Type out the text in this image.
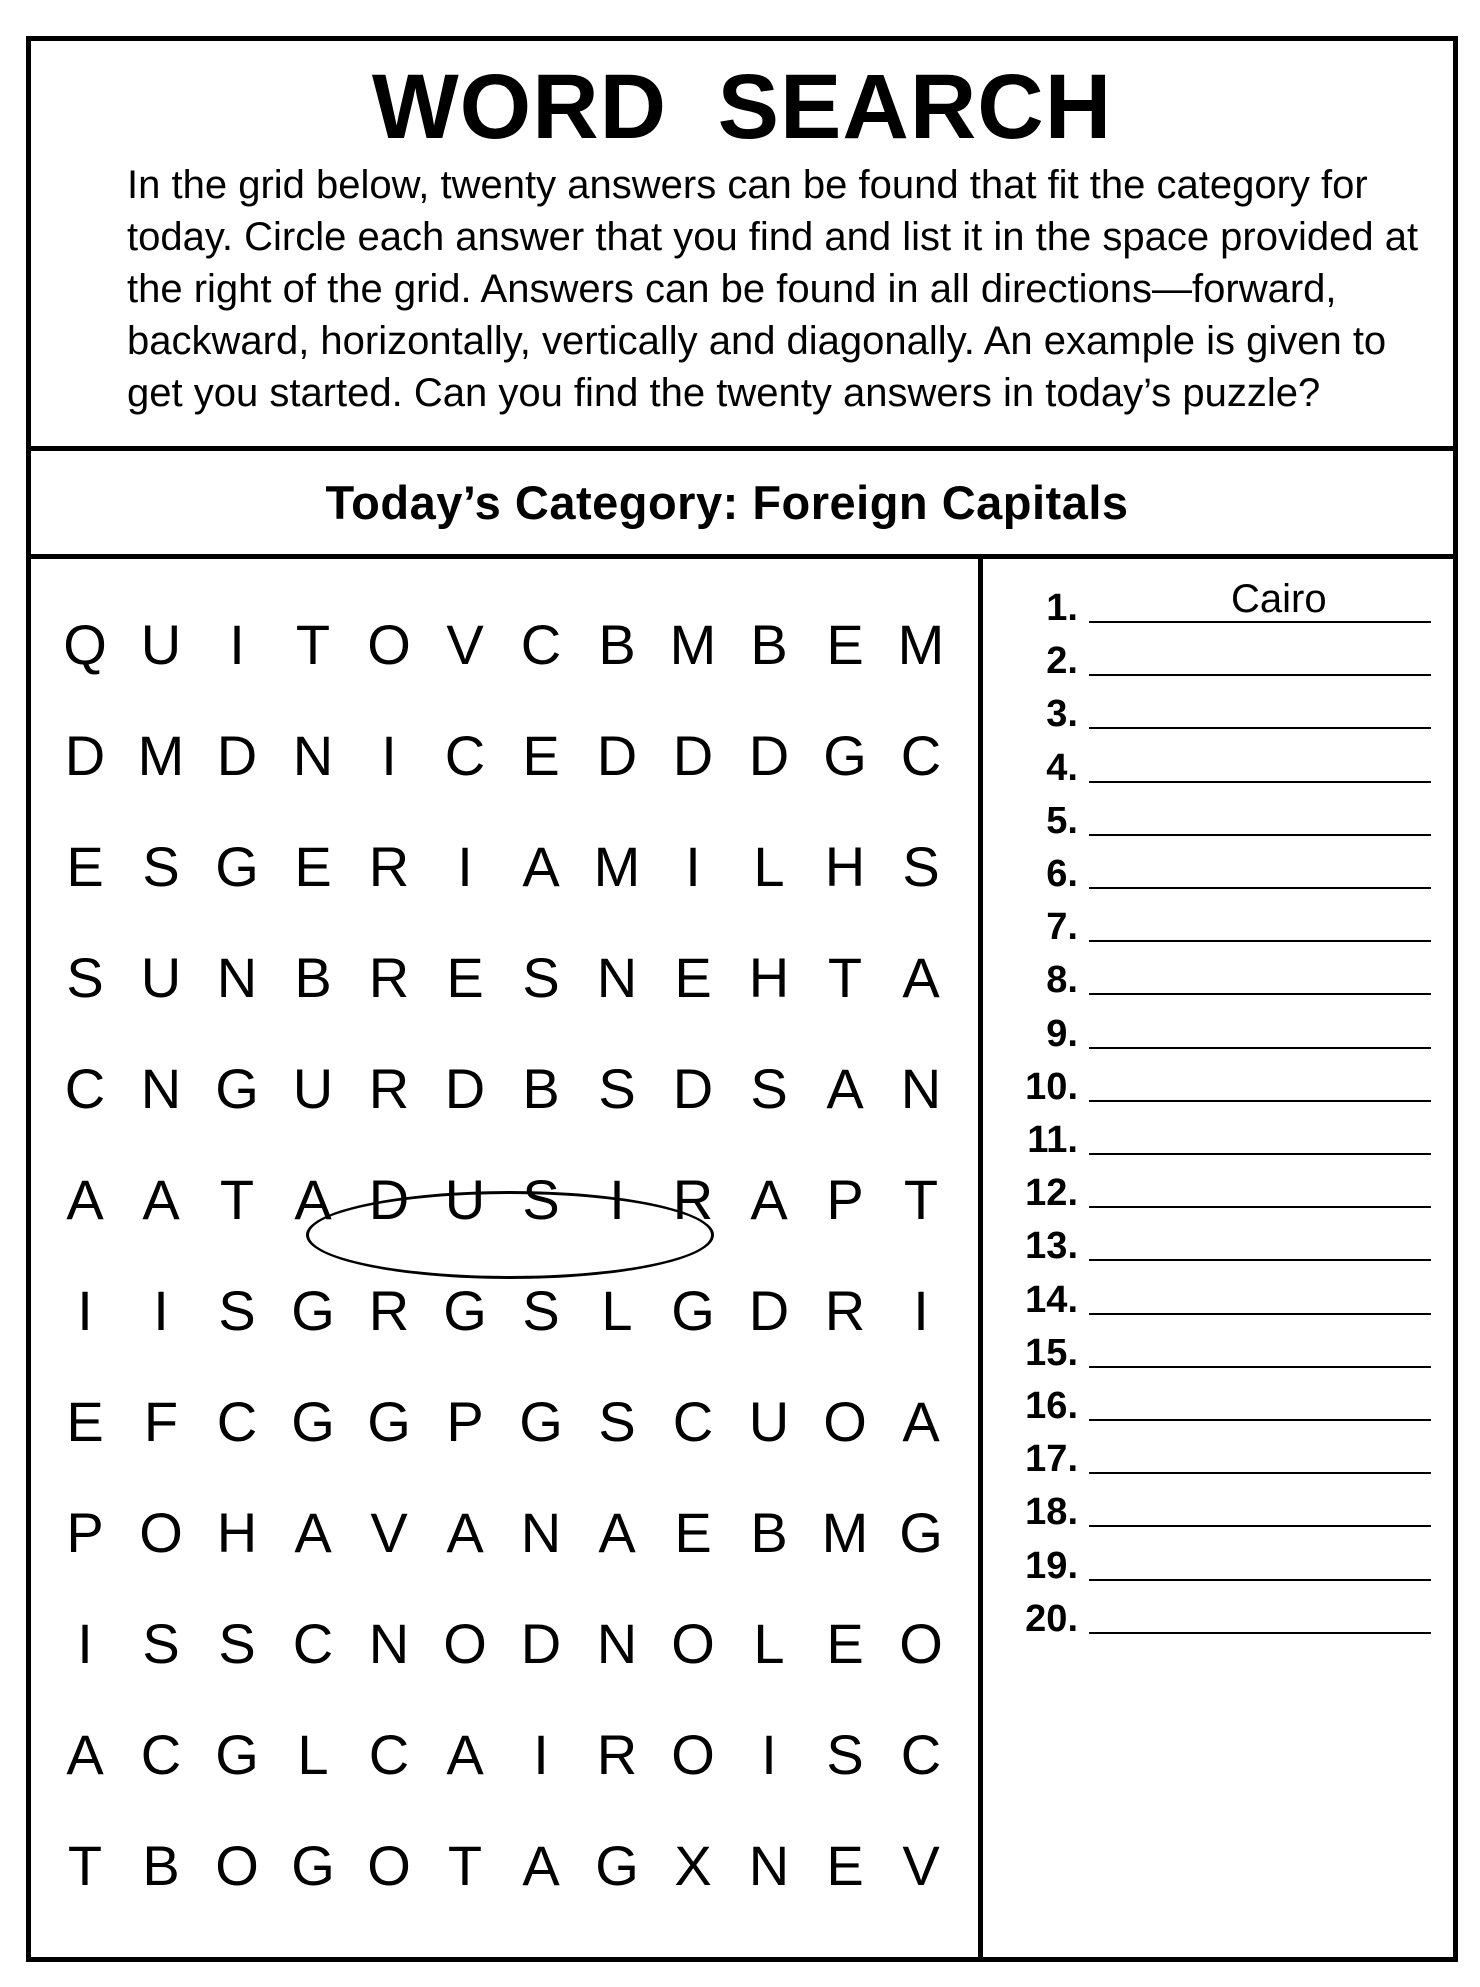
WORD SEARCH

In the grid below, twenty answers can be found that fit the category for today. Circle each answer that you find and list it in the space provided at the right of the grid. Answers can be found in all directions—forward, backward, horizontally, vertically and diagonally. An example is given to get you started. Can you find the twenty answers in today’s puzzle?

Today’s Category: Foreign Capitals
Q U I T O V C B M B E M
D M D N I C E D D D G C
E S G E R I A M I L H S
S U N B R E S N E H T A
C N G U R D B S D S A N
A A T A D U S I R A P T
I	I S G R G S L G D R I
E F C G G P G S C U O A
P O H A V A N A E B M G
I S S C N O D N O L E O
A C G L C A I R O I S C
T B O G O T A G X N E V
1.	Cairo
2.
3.
4.
5.
6.
7.
8.
9.
10.
11.
12.
13.
14.
15.
16.
17.
18.
19.
20.
